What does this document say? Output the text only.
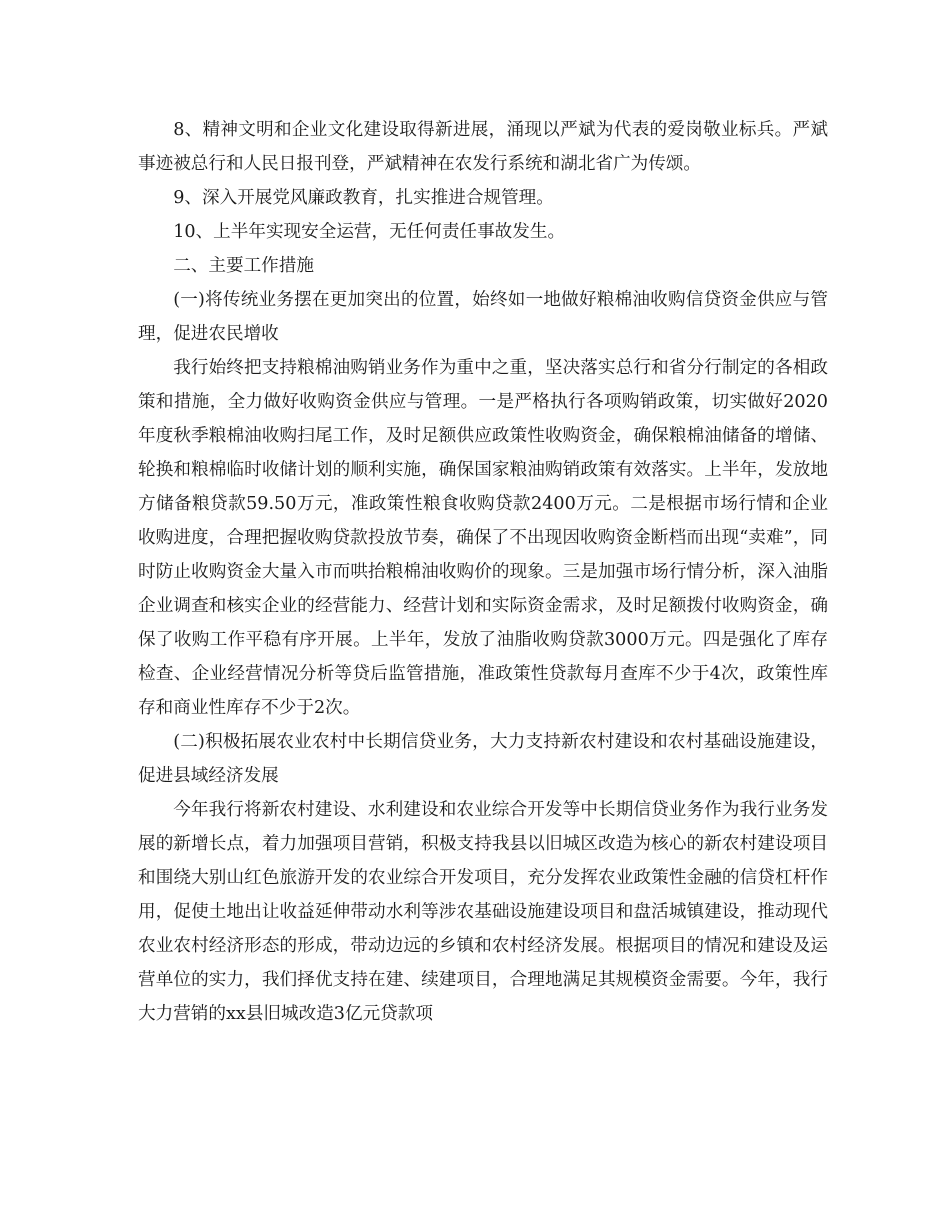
8、精神文明和企业文化建设取得新进展，涌现以严斌为代表的爱岗敬业标兵。严斌事迹被总行和人民日报刊登，严斌精神在农发行系统和湖北省广为传颂。

9、深入开展党风廉政教育，扎实推进合规管理。

10、上半年实现安全运营，无任何责任事故发生。

二、主要工作措施

(一)将传统业务摆在更加突出的位置，始终如一地做好粮棉油收购信贷资金供应与管理，促进农民增收

我行始终把支持粮棉油购销业务作为重中之重，坚决落实总行和省分行制定的各相政策和措施，全力做好收购资金供应与管理。一是严格执行各项购销政策，切实做好2020年度秋季粮棉油收购扫尾工作，及时足额供应政策性收购资金，确保粮棉油储备的增储、轮换和粮棉临时收储计划的顺利实施，确保国家粮油购销政策有效落实。上半年，发放地方储备粮贷款59.50万元，准政策性粮食收购贷款2400万元。二是根据市场行情和企业收购进度，合理把握收购贷款投放节奏，确保了不出现因收购资金断档而出现“卖难”，同时防止收购资金大量入市而哄抬粮棉油收购价的现象。三是加强市场行情分析，深入油脂企业调查和核实企业的经营能力、经营计划和实际资金需求，及时足额拨付收购资金，确保了收购工作平稳有序开展。上半年，发放了油脂收购贷款3000万元。四是强化了库存检查、企业经营情况分析等贷后监管措施，准政策性贷款每月查库不少于4次，政策性库存和商业性库存不少于2次。

(二)积极拓展农业农村中长期信贷业务，大力支持新农村建设和农村基础设施建设，促进县域经济发展

今年我行将新农村建设、水利建设和农业综合开发等中长期信贷业务作为我行业务发展的新增长点，着力加强项目营销，积极支持我县以旧城区改造为核心的新农村建设项目和围绕大别山红色旅游开发的农业综合开发项目，充分发挥农业政策性金融的信贷杠杆作用，促使土地出让收益延伸带动水利等涉农基础设施建设项目和盘活城镇建设，推动现代农业农村经济形态的形成，带动边远的乡镇和农村经济发展。根据项目的情况和建设及运营单位的实力，我们择优支持在建、续建项目，合理地满足其规模资金需要。今年，我行大力营销的xx县旧城改造3亿元贷款项
